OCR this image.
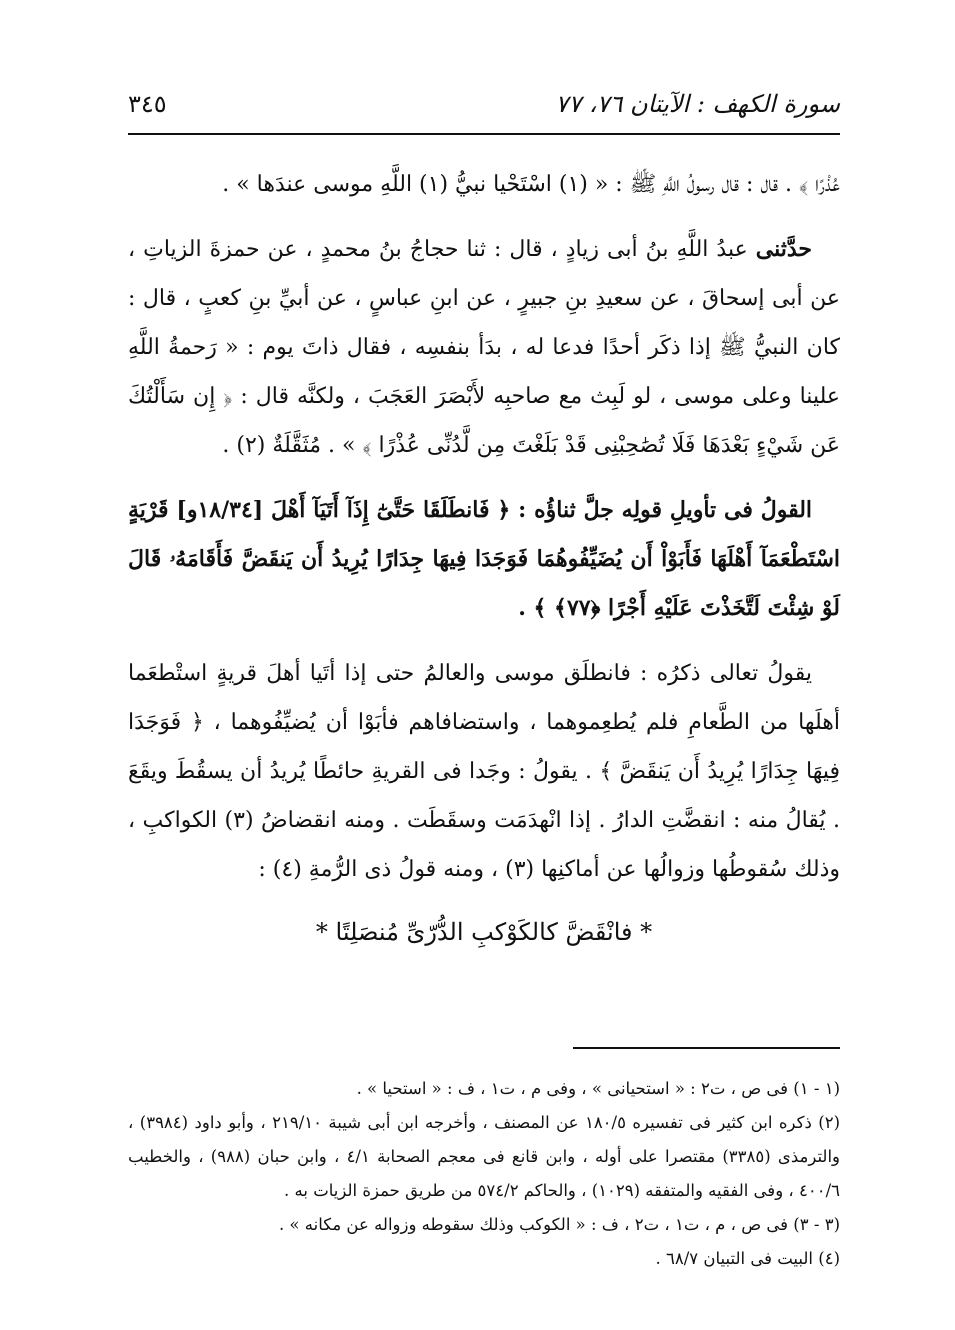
سورة الكهف : الآيتان ٧٦، ٧٧
٣٤٥

عُذْرًا ﴾ . قال : قال رسولُ اللَّهِ ﷺ : « (١) اسْتَحْيا نبيُّ (١) اللَّهِ موسى عندَها » .

حدَّثنى عبدُ اللَّهِ بنُ أبى زيادٍ ، قال : ثنا حجاجُ بنُ محمدٍ ، عن حمزةَ الزياتِ ، عن أبى إسحاقَ ، عن سعيدِ بنِ جبيرٍ ، عن ابنِ عباسٍ ، عن أبيِّ بنِ كعبٍ ، قال : كان النبيُّ ﷺ إذا ذكَر أحدًا فدعا له ، بدَأ بنفسِه ، فقال ذاتَ يوم : « رَحمةُ اللَّهِ علينا وعلى موسى ، لو لَبِث مع صاحبِه لأَبْصَرَ العَجَبَ ، ولكنَّه قال : ﴿ إِن سَأَلْتُكَ عَن شَيْءٍ بَعْدَهَا فَلَا تُصَٰحِبْنِى قَدْ بَلَغْتَ مِن لَّدُنِّى عُذْرًا ﴾ » . مُثَقَّلَةٌ (٢) .

القولُ فى تأويلِ قولِه جلَّ ثناؤُه : ﴿ فَانطَلَقَا حَتَّىٰٓ إِذَآ أَتَيَآ أَهْلَ [١٨/٣٤و] قَرْيَةٍ اسْتَطْعَمَآ أَهْلَهَا فَأَبَوْاْ أَن يُضَيِّفُوهُمَا فَوَجَدَا فِيهَا جِدَارًا يُرِيدُ أَن يَنقَضَّ فَأَقَامَهُۥ قَالَ لَوْ شِئْتَ لَتَّخَذْتَ عَلَيْهِ أَجْرًا ﴿٧٧﴾ ﴾ .

يقولُ تعالى ذكرُه : فانطلَق موسى والعالمُ حتى إذا أتَيا أهلَ قريةٍ استْطعَما أهلَها من الطَّعامِ فلم يُطعِموهما ، واستضافاهم فأبَوْا أن يُضيِّفُوهما ، ﴿ فَوَجَدَا فِيهَا جِدَارًا يُرِيدُ أَن يَنقَضَّ ﴾ . يقولُ : وجَدا فى القريةِ حائطًا يُريدُ أن يسقُطَ ويقَعَ . يُقالُ منه : انقضَّتِ الدارُ . إذا انْهدَمَت وسقَطَت . ومنه انقضاضُ (٣) الكواكبِ ، وذلك سُقوطُها وزوالُها عن أماكنِها (٣) ، ومنه قولُ ذى الرُّمةِ (٤) :

* فانْقَضَّ كالكَوْكبِ الدُّرّىِّ مُنصَلِتًا *

(١ - ١) فى ص ، ت٢ : « استحيانى » ، وفى م ، ت١ ، ف : « استحيا » .

(٢) ذكره ابن كثير فى تفسيره ١٨٠/٥ عن المصنف ، وأخرجه ابن أبى شيبة ٢١٩/١٠ ، وأبو داود (٣٩٨٤) ، والترمذى (٣٣٨٥) مقتصرا على أوله ، وابن قانع فى معجم الصحابة ٤/١ ، وابن حبان (٩٨٨) ، والخطيب ٤٠٠/٦ ، وفى الفقيه والمتفقه (١٠٢٩) ، والحاكم ٥٧٤/٢ من طريق حمزة الزيات به .

(٣ - ٣) فى ص ، م ، ت١ ، ت٢ ، ف : « الكوكب وذلك سقوطه وزواله عن مكانه » .

(٤) البيت فى التبيان ٦٨/٧ .
